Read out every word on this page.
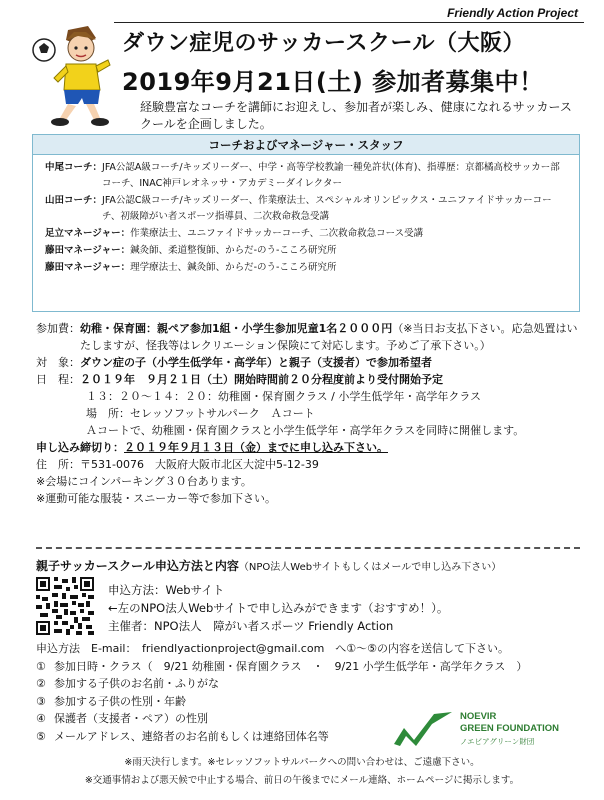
Friendly Action Project
ダウン症児のサッカースクール（大阪）
2019年9月21日(土) 参加者募集中！
経験豊富なコーチを講師にお迎えし、参加者が楽しみ、健康になれるサッカースクールを企画しました。
コーチおよびマネージャー・スタッフ
中尾コーチ： JFA公認A級コーチ/キッズリーダー、中学・高等学校教諭一種免許状(体育)、指導歴：京都橘高校サッカー部コーチ、INAC神戸レオネッサ・アカデミーダイレクター
山田コーチ： JFA公認C級コーチ/キッズリーダー、作業療法士、スペシャルオリンピックス・ユニファイドサッカーコーチ、初級障がい者スポーツ指導員、二次救命救急受講
足立マネージャー： 作業療法士、ユニファイドサッカーコーチ、二次救命救急コース受講
藤田マネージャー： 鍼灸師、柔道整復師、からだ-のう-こころ研究所
藤田マネージャー： 理学療法士、鍼灸師、からだ-のう-こころ研究所
参加費： 幼稚・保育園：親ペア参加1組・小学生参加児童1名２０００円（※当日お支払下さい。応急処置はいたしますが、怪我等はレクリエーション保険にて対応します。予めご了承下さい。）
対　象： ダウン症の子（小学生低学年・高学年）と親子（支援者）で参加希望者
日　程： ２０１９年　９月２１日（土）開始時間前２０分程度前より受付開始予定
１３：２０～１４：２０：幼稚園・保育園クラス / 小学生低学年・高学年クラス
場　所：セレッソフットサルパーク　Ａコート
Ａコートで、幼稚園・保育園クラスと小学生低学年・高学年クラスを同時に開催します。
申し込み締切り： ２０１９年９月１３日（金）までに申し込み下さい。
住　所： 〒531-0076　大阪府大阪市北区大淀中5-12-39
※会場にコインパーキング３０台あります。
※運動可能な服装・スニーカー等で参加下さい。
親子サッカースクール申込方法と内容（NPO法人Webサイトもしくはメールで申し込み下さい）
申込方法：Webサイト
←左のNPO法人Webサイトで申し込みができます（おすすめ！）。
主催者：NPO法人　障がい者スポーツ Friendly Action
申込方法　E-mail：　friendlyactionproject@gmail.com　へ①～⑤の内容を送信して下さい。
① 参加日時・クラス（　9/21 幼稚園・保育園クラス　・　9/21 小学生低学年・高学年クラス　）
② 参加する子供のお名前・ふりがな
③ 参加する子供の性別・年齢
④ 保護者（支援者・ペア）の性別
⑤ メールアドレス、連絡者のお名前もしくは連絡団体名等
NOEVIR
GREEN FOUNDATION
ノエビアグリーン財団
※雨天決行します。※セレッソフットサルパークへの問い合わせは、ご遠慮下さい。
※交通事情および悪天候で中止する場合、前日の午後までにメール連絡、ホームページに掲示します。
